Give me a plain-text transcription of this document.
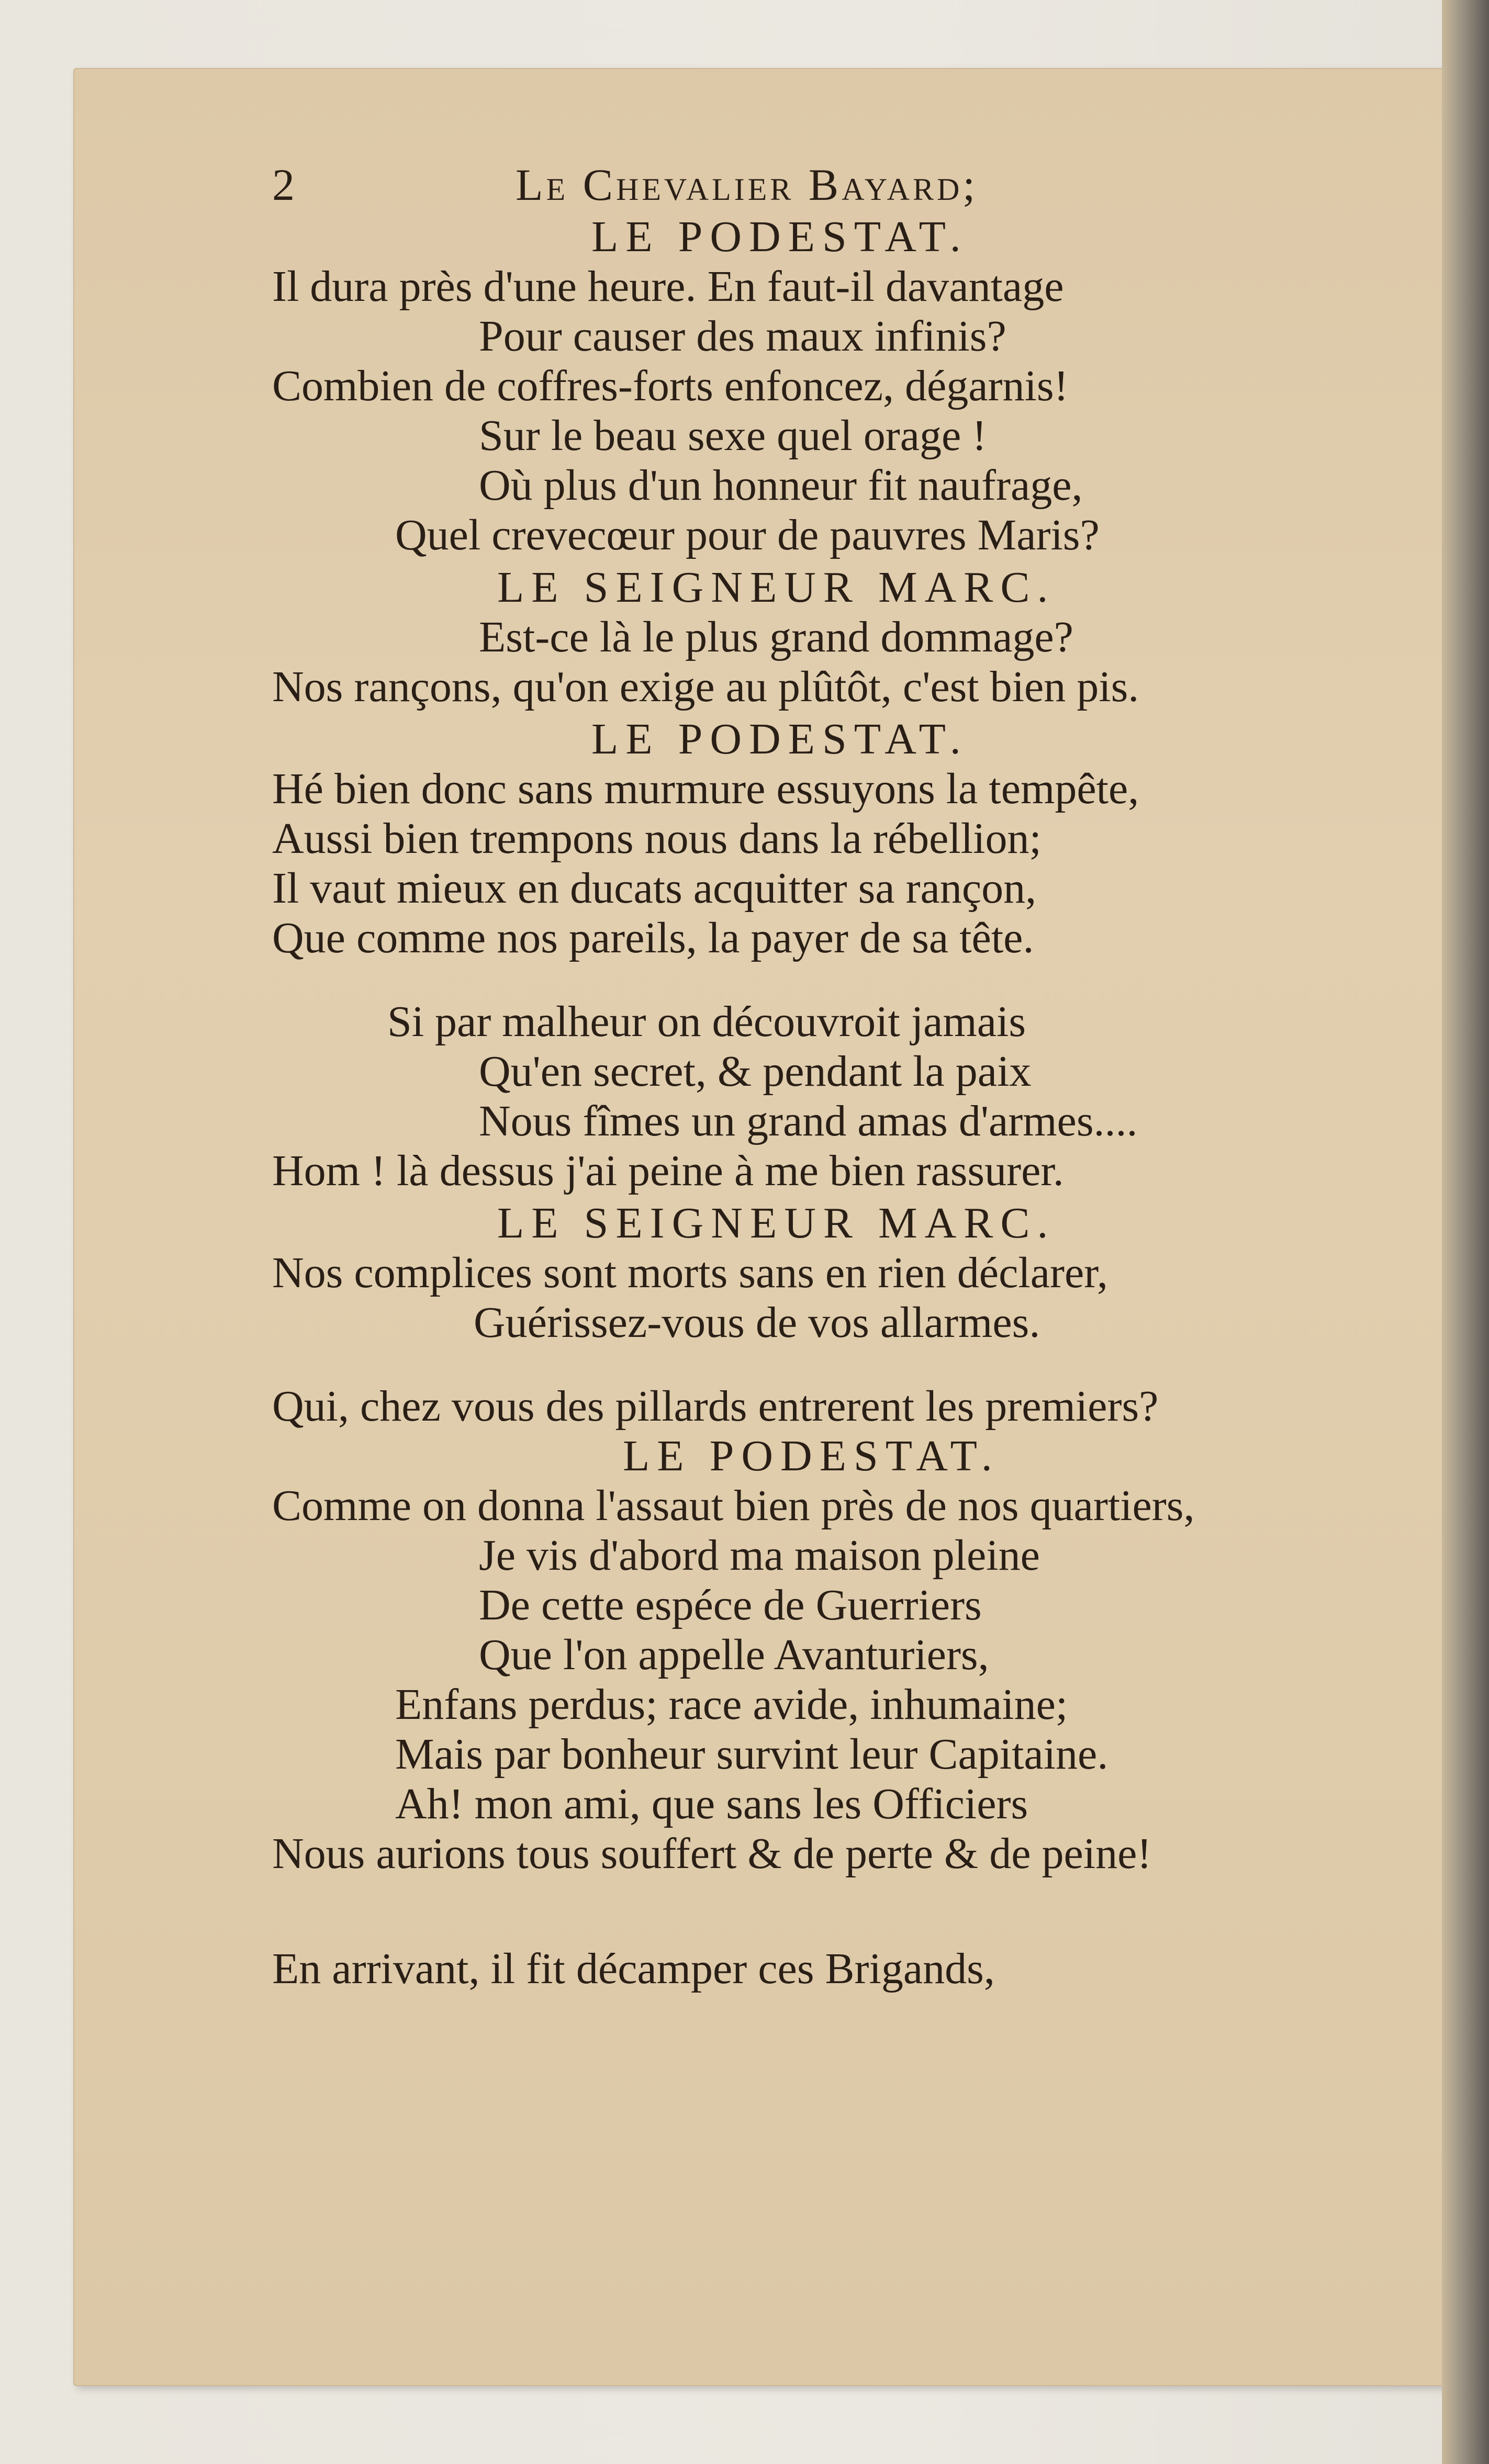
2	Le Chevalier Bayard;
LE PODESTAT.
Il dura près d'une heure. En faut-il davantage
Pour causer des maux infinis?
Combien de coffres-forts enfoncez, dégarnis!
Sur le beau sexe quel orage !
Où plus d'un honneur fit naufrage,
Quel crevecœur pour de pauvres Maris?
LE SEIGNEUR MARC.
Est-ce là le plus grand dommage?
Nos rançons, qu'on exige au plûtôt, c'est bien pis.
LE PODESTAT.
Hé bien donc sans murmure essuyons la tempête,
Aussi bien trempons nous dans la rébellion;
Il vaut mieux en ducats acquitter sa rançon,
Que comme nos pareils, la payer de sa tête.
Si par malheur on découvroit jamais
Qu'en secret, & pendant la paix
Nous fîmes un grand amas d'armes....
Hom ! là dessus j'ai peine à me bien rassurer.
LE SEIGNEUR MARC.
Nos complices sont morts sans en rien déclarer,
Guérissez-vous de vos allarmes.
Qui, chez vous des pillards entrerent les premiers?
LE PODESTAT.
Comme on donna l'assaut bien près de nos quartiers,
Je vis d'abord ma maison pleine
De cette espéce de Guerriers
Que l'on appelle Avanturiers,
Enfans perdus; race avide, inhumaine;
Mais par bonheur survint leur Capitaine.
Ah! mon ami, que sans les Officiers
Nous aurions tous souffert & de perte & de peine!
En arrivant, il fit décamper ces Brigands,
